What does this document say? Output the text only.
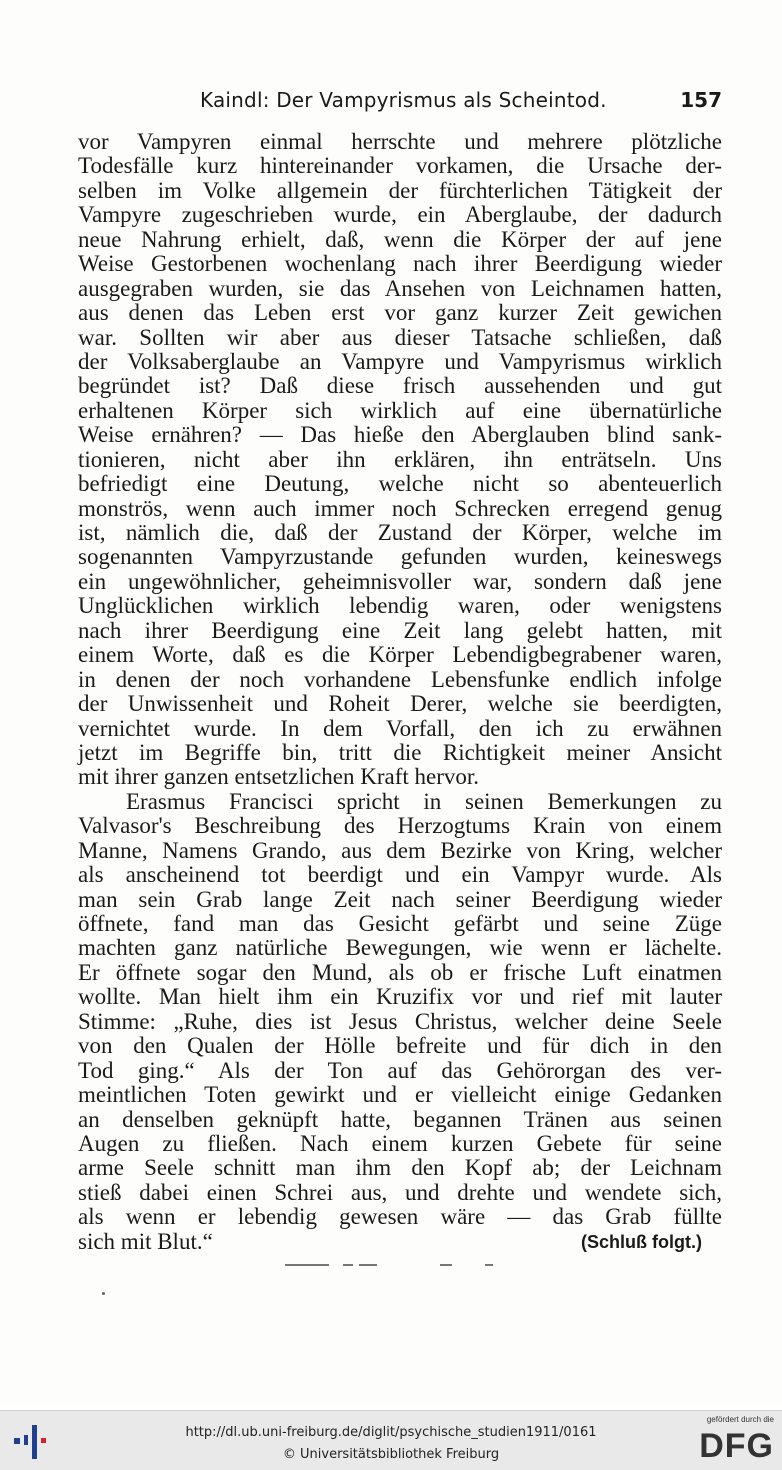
Kaindl: Der Vampyrismus als Scheintod.	157
vor Vampyren einmal herrschte und mehrere plötzliche
Todesfälle kurz hintereinander vorkamen, die Ursache der-
selben im Volke allgemein der fürchterlichen Tätigkeit der
Vampyre zugeschrieben wurde, ein Aberglaube, der dadurch
neue Nahrung erhielt, daß, wenn die Körper der auf jene
Weise Gestorbenen wochenlang nach ihrer Beerdigung wieder
ausgegraben wurden, sie das Ansehen von Leichnamen hatten,
aus denen das Leben erst vor ganz kurzer Zeit gewichen
war. Sollten wir aber aus dieser Tatsache schließen, daß
der Volksaberglaube an Vampyre und Vampyrismus wirklich
begründet ist? Daß diese frisch aussehenden und gut
erhaltenen Körper sich wirklich auf eine übernatürliche
Weise ernähren? — Das hieße den Aberglauben blind sank-
tionieren, nicht aber ihn erklären, ihn enträtseln. Uns
befriedigt eine Deutung, welche nicht so abenteuerlich
monströs, wenn auch immer noch Schrecken erregend genug
ist, nämlich die, daß der Zustand der Körper, welche im
sogenannten Vampyrzustande gefunden wurden, keineswegs
ein ungewöhnlicher, geheimnisvoller war, sondern daß jene
Unglücklichen wirklich lebendig waren, oder wenigstens
nach ihrer Beerdigung eine Zeit lang gelebt hatten, mit
einem Worte, daß es die Körper Lebendigbegrabener waren,
in denen der noch vorhandene Lebensfunke endlich infolge
der Unwissenheit und Roheit Derer, welche sie beerdigten,
vernichtet wurde. In dem Vorfall, den ich zu erwähnen
jetzt im Begriffe bin, tritt die Richtigkeit meiner Ansicht
mit ihrer ganzen entsetzlichen Kraft hervor.
Erasmus Francisci spricht in seinen Bemerkungen zu
Valvasor's Beschreibung des Herzogtums Krain von einem
Manne, Namens Grando, aus dem Bezirke von Kring, welcher
als anscheinend tot beerdigt und ein Vampyr wurde. Als
man sein Grab lange Zeit nach seiner Beerdigung wieder
öffnete, fand man das Gesicht gefärbt und seine Züge
machten ganz natürliche Bewegungen, wie wenn er lächelte.
Er öffnete sogar den Mund, als ob er frische Luft einatmen
wollte. Man hielt ihm ein Kruzifix vor und rief mit lauter
Stimme: „Ruhe, dies ist Jesus Christus, welcher deine Seele
von den Qualen der Hölle befreite und für dich in den
Tod ging.“ Als der Ton auf das Gehörorgan des ver-
meintlichen Toten gewirkt und er vielleicht einige Gedanken
an denselben geknüpft hatte, begannen Tränen aus seinen
Augen zu fließen. Nach einem kurzen Gebete für seine
arme Seele schnitt man ihm den Kopf ab; der Leichnam
stieß dabei einen Schrei aus, und drehte und wendete sich,
als wenn er lebendig gewesen wäre — das Grab füllte
sich mit Blut.“	(Schluß folgt.)
http://dl.ub.uni-freiburg.de/diglit/psychische_studien1911/0161
© Universitätsbibliothek Freiburg
gefördert durch die
DFG
